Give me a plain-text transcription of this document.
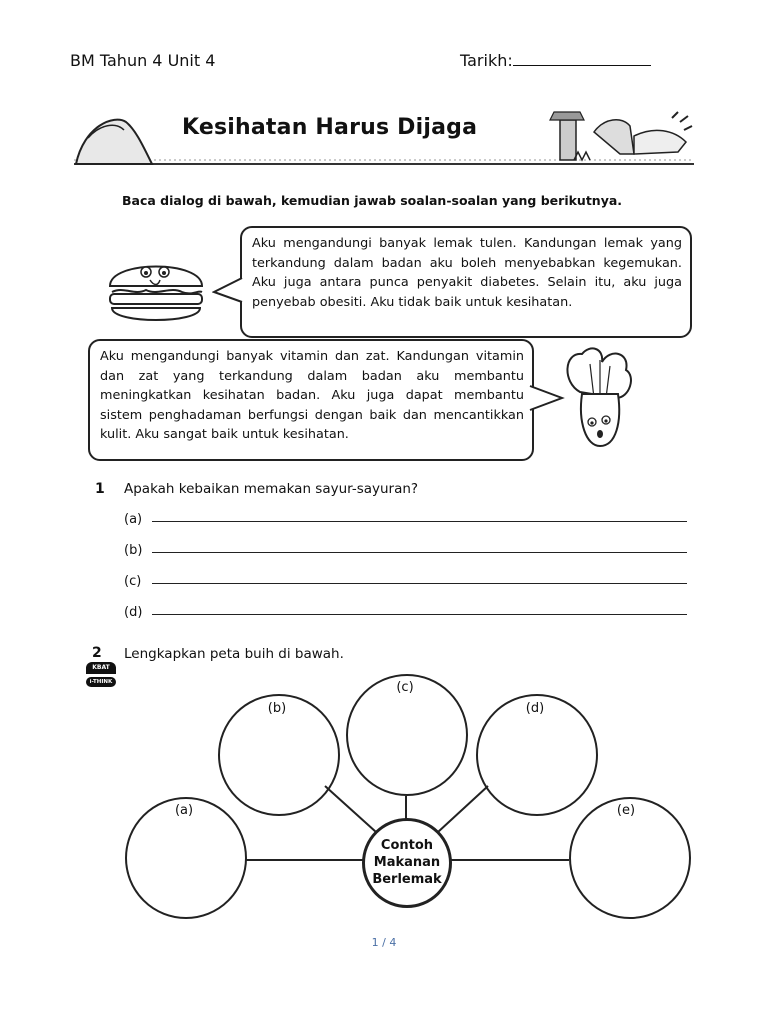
BM Tahun 4 Unit 4	Tarikh:
Kesihatan Harus Dijaga
Baca dialog di bawah, kemudian jawab soalan-soalan yang berikutnya.
Aku mengandungi banyak lemak tulen. Kandungan lemak yang terkandung dalam badan aku boleh menyebabkan kegemukan. Aku juga antara punca penyakit diabetes. Selain itu, aku juga penyebab obesiti. Aku tidak baik untuk kesihatan.
Aku mengandungi banyak vitamin dan zat. Kandungan vitamin dan zat yang terkandung dalam badan aku membantu meningkatkan kesihatan badan. Aku juga dapat membantu sistem penghadaman berfungsi dengan baik dan mencantikkan kulit. Aku sangat baik untuk kesihatan.
1 Apakah kebaikan memakan sayur-sayuran?
(a)
(b)
(c)
(d)
2 Lengkapkan peta buih di bawah.
KBAT
i-THINK
(a)
(b)
(c)
(d)
(e)
Contoh
Makanan
Berlemak
1 / 4
